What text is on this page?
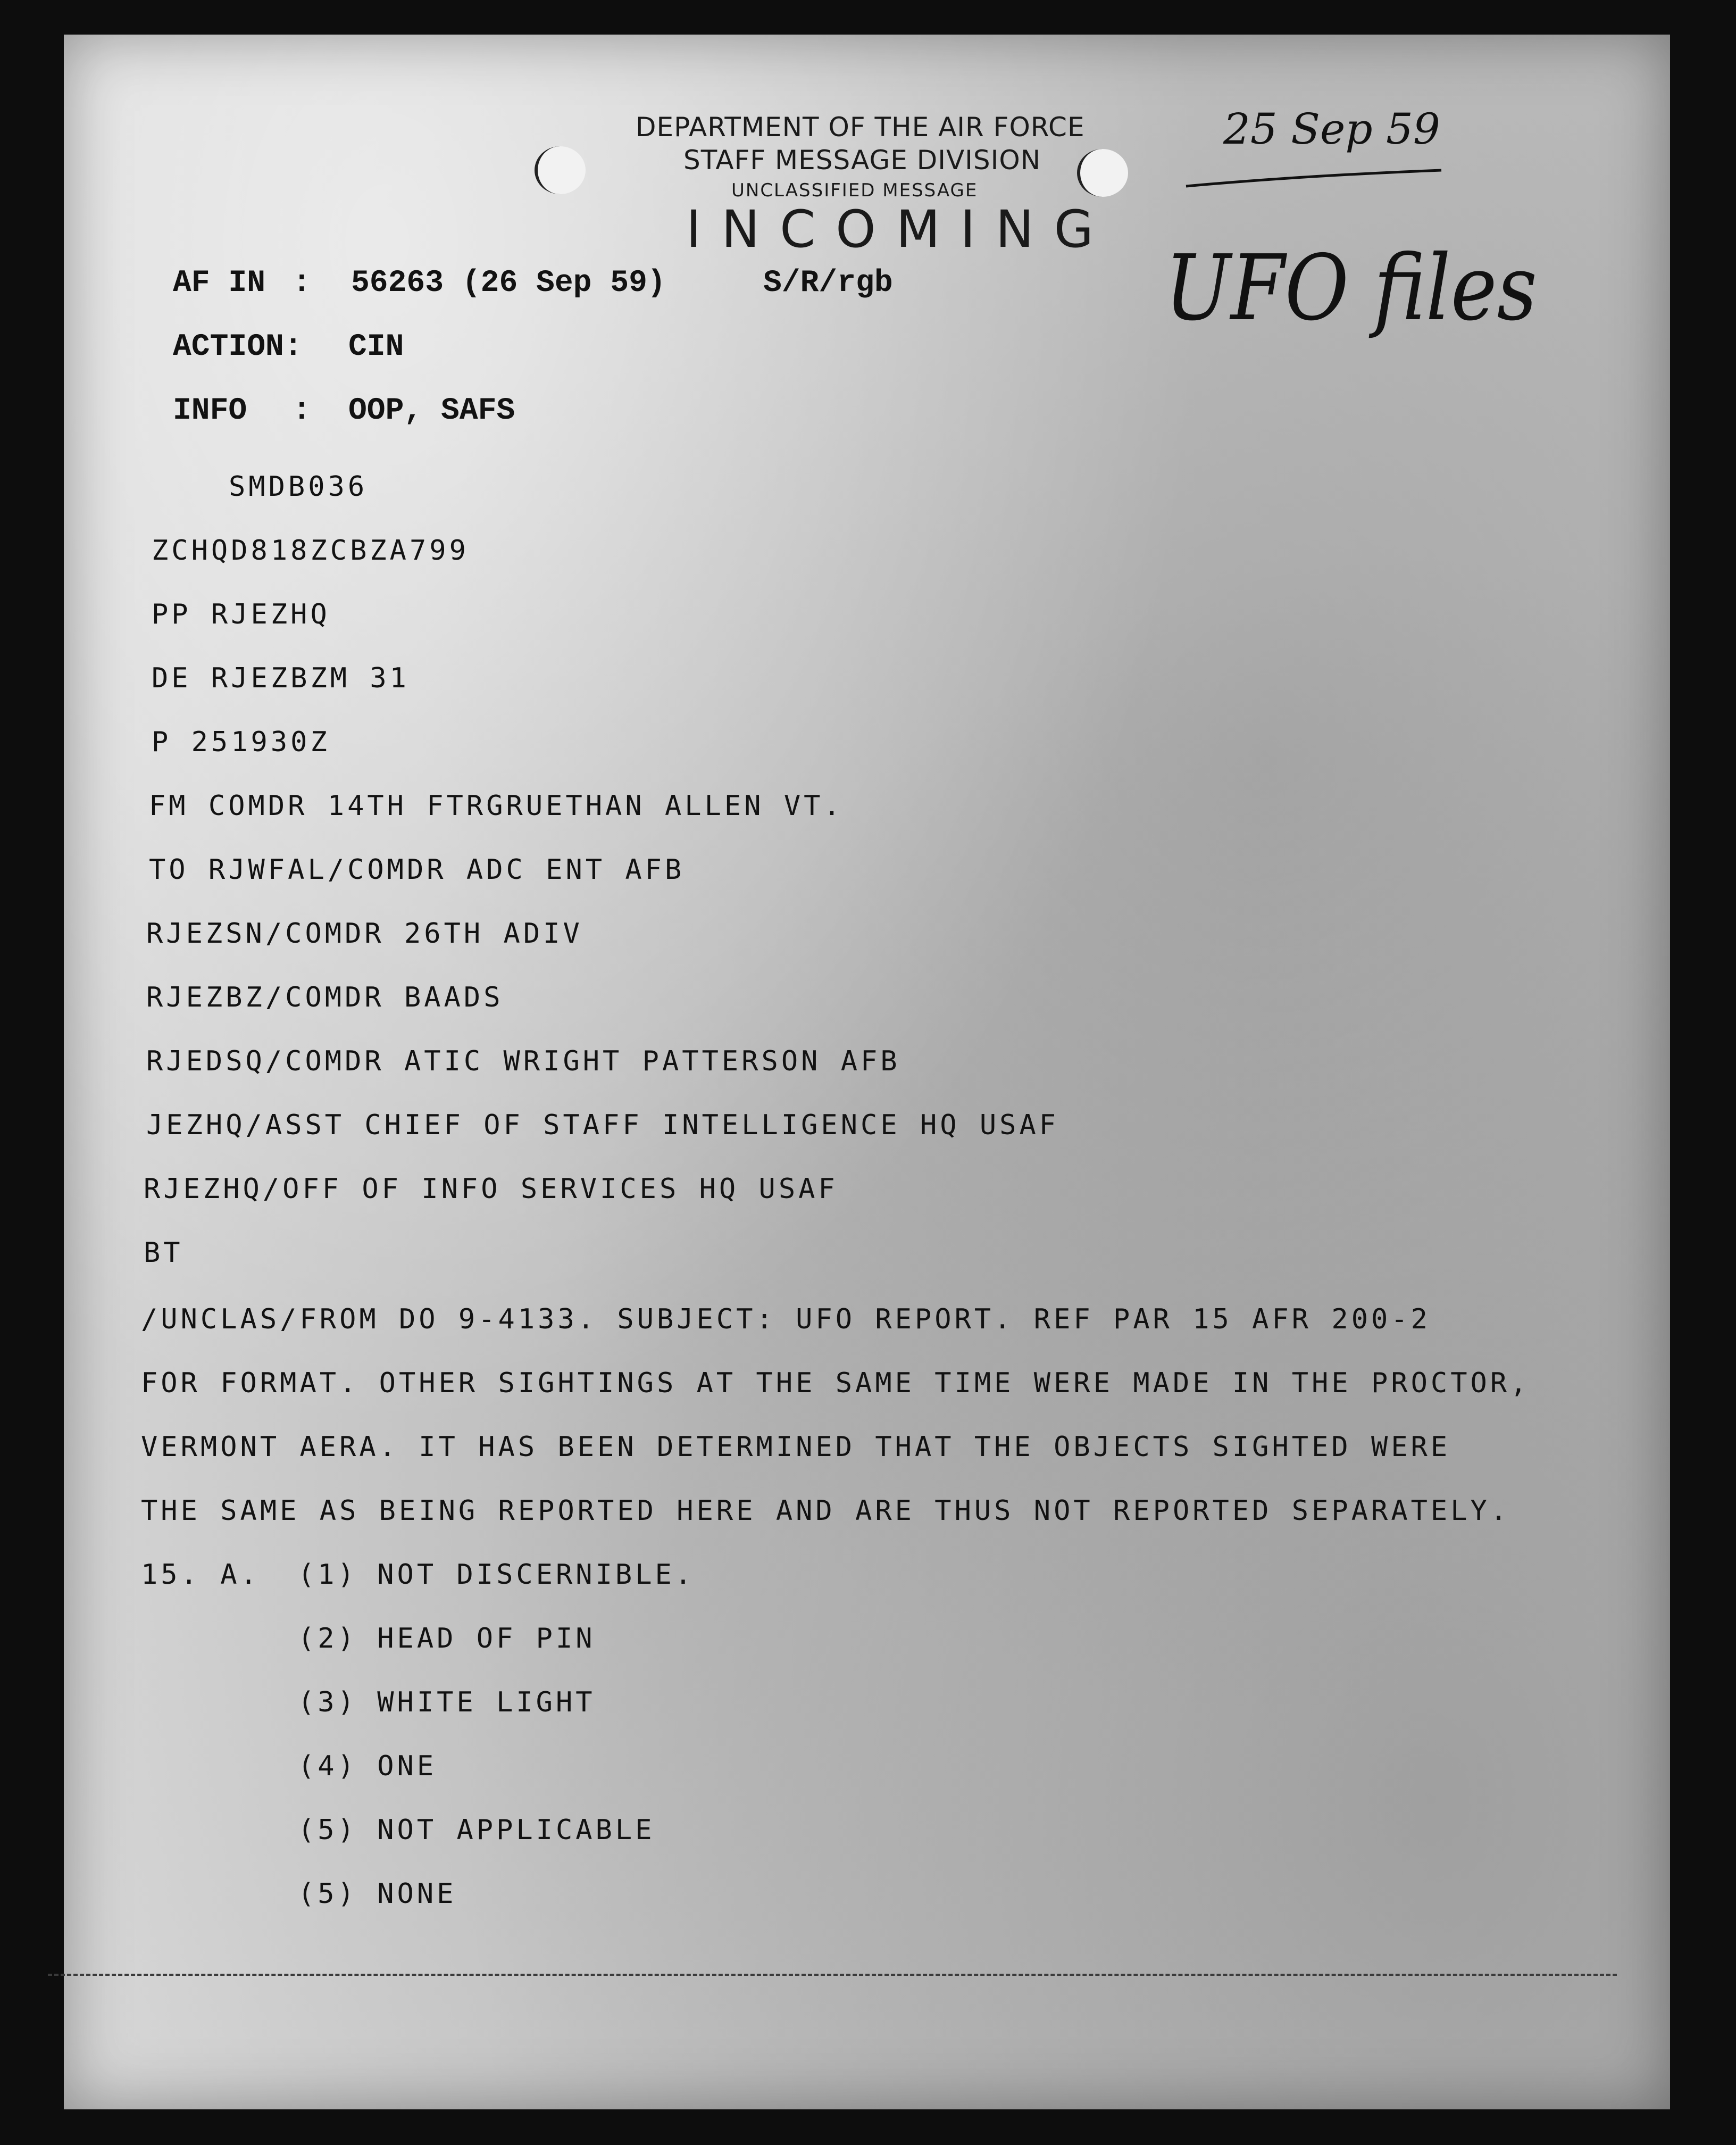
DEPARTMENT OF THE AIR FORCE
STAFF MESSAGE DIVISION
UNCLASSIFIED MESSAGE
INCOMING
25 Sep 59
UFO files
AF IN : 56263 (26 Sep 59)	S/R/rgb
ACTION: CIN
INFO : OOP, SAFS
SMDB036
ZCHQD818ZCBZA799
PP RJEZHQ
DE RJEZBZM 31
P 251930Z
FM COMDR 14TH FTRGRUETHAN ALLEN VT.
TO RJWFAL/COMDR ADC ENT AFB
RJEZSN/COMDR 26TH ADIV
RJEZBZ/COMDR BAADS
RJEDSQ/COMDR ATIC WRIGHT PATTERSON AFB
JEZHQ/ASST CHIEF OF STAFF INTELLIGENCE HQ USAF
RJEZHQ/OFF OF INFO SERVICES HQ USAF
BT
/UNCLAS/FROM DO 9-4133. SUBJECT: UFO REPORT. REF PAR 15 AFR 200-2
FOR FORMAT. OTHER SIGHTINGS AT THE SAME TIME WERE MADE IN THE PROCTOR,
VERMONT AERA. IT HAS BEEN DETERMINED THAT THE OBJECTS SIGHTED WERE
THE SAME AS BEING REPORTED HERE AND ARE THUS NOT REPORTED SEPARATELY.
15. A. (1) NOT DISCERNIBLE.
(2) HEAD OF PIN
(3) WHITE LIGHT
(4) ONE
(5) NOT APPLICABLE
(5) NONE
